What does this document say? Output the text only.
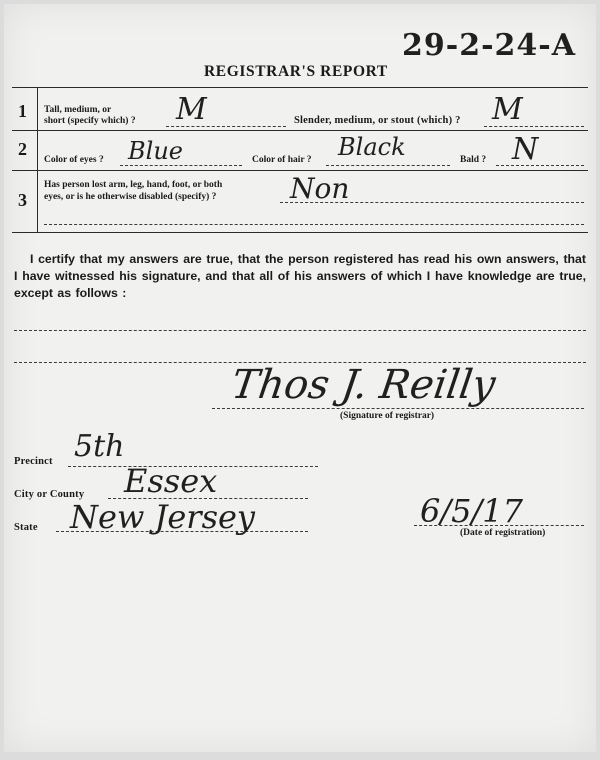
29-2-24-A
REGISTRAR'S REPORT
1 Tall, medium, or
short (specify which) ? M	Slender, medium, or stout (which) ? M
2
Color of eyes ? Blue	Color of hair ? Black	Bald ? N
3
Has person lost arm, leg, hand, foot, or both
eyes, or is he otherwise disabled (specify) ?	Non
I certify that my answers are true, that the person registered has read his own answers, that I have witnessed his signature, and that all of his answers of which I have knowledge are true, except as follows :
Thos J. Reilly
(Signature of registrar)
Precinct 5th
City or County Essex
State New Jersey	6/5/17
(Date of registration)
